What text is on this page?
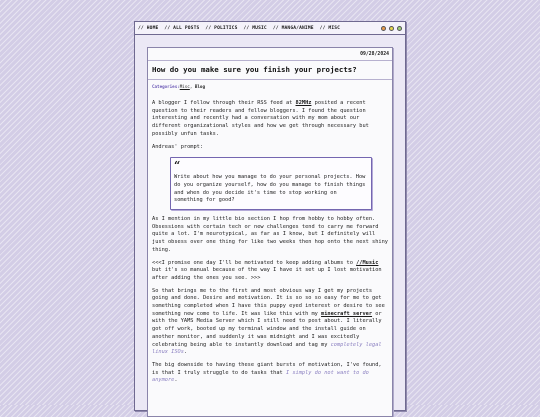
// HOME // ALL POSTS // POLITICS // MUSIC // MANGA/ANIME // MISC
09/28/2024
How do you make sure you finish your projects?
Categories:Misc, Blog

A blogger I follow through their RSS feed at 82MHz posited a recent question to their readers and fellow bloggers. I found the question interesting and recently had a conversation with my mom about our different organizational styles and how we get through necessary but possibly unfun tasks.

Andreas' prompt:

“
Write about how you manage to do your personal projects. How do you organize yourself, how do you manage to finish things and when do you decide it's time to stop working on something for good?

As I mention in my little bio section I hop from hobby to hobby often. Obsessions with certain tech or new challenges tend to carry me forward quite a lot. I'm neurotypical, as far as I know, but I definitely will just obsess over one thing for like two weeks then hop onto the next shiny thing.

<<<I promise one day I'll be motivated to keep adding albums to //Music but it's so manual because of the way I have it set up I lost motivation after adding the ones you see. >>>

So that brings me to the first and most obvious way I get my projects going and done. Desire and motivation. It is so so so easy for me to get something completed when I have this puppy eyed interest or desire to see something new come to life. It was like this with my minecraft server or with the YAMS Media Server which I still need to post about. I literally got off work, booted up my terminal window and the install guide on another monitor, and suddenly it was midnight and I was excitedly celebrating being able to instantly download and tag my completely legal linux ISOs.

The big downside to having these giant bursts of motivation, I've found, is that I truly struggle to do tasks that I simply do not want to do anymore.
